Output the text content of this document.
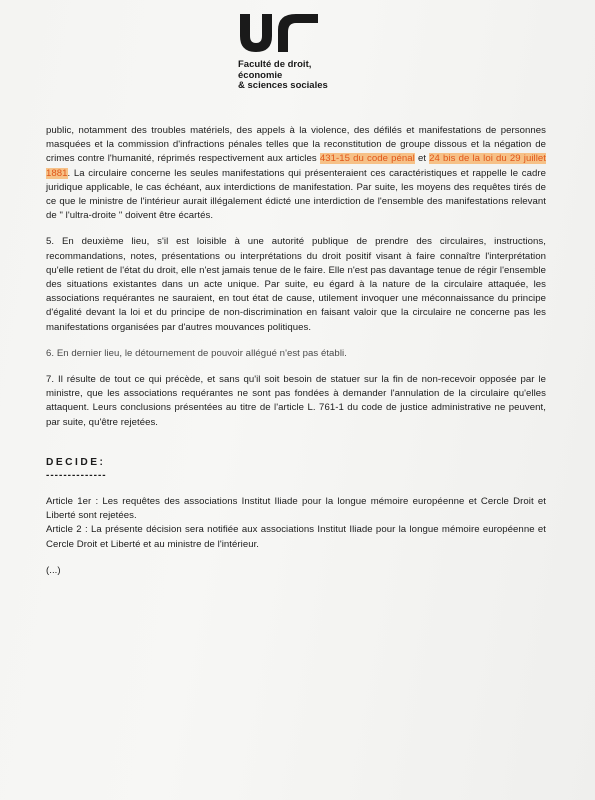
Faculté de droit,
économie
& sciences sociales

public, notamment des troubles matériels, des appels à la violence, des défilés et manifestations de personnes masquées et la commission d'infractions pénales telles que la reconstitution de groupe dissous et la négation de crimes contre l'humanité, réprimés respectivement aux articles 431-15 du code pénal et 24 bis de la loi du 29 juillet 1881. La circulaire concerne les seules manifestations qui présenteraient ces caractéristiques et rappelle le cadre juridique applicable, le cas échéant, aux interdictions de manifestation. Par suite, les moyens des requêtes tirés de ce que le ministre de l'intérieur aurait illégalement édicté une interdiction de l'ensemble des manifestations relevant de " l'ultra-droite " doivent être écartés.

5. En deuxième lieu, s'il est loisible à une autorité publique de prendre des circulaires, instructions, recommandations, notes, présentations ou interprétations du droit positif visant à faire connaître l'interprétation qu'elle retient de l'état du droit, elle n'est jamais tenue de le faire. Elle n'est pas davantage tenue de régir l'ensemble des situations existantes dans un acte unique. Par suite, eu égard à la nature de la circulaire attaquée, les associations requérantes ne sauraient, en tout état de cause, utilement invoquer une méconnaissance du principe d'égalité devant la loi et du principe de non-discrimination en faisant valoir que la circulaire ne concerne pas les manifestations organisées par d'autres mouvances politiques.

6. En dernier lieu, le détournement de pouvoir allégué n'est pas établi.

7. Il résulte de tout ce qui précède, et sans qu'il soit besoin de statuer sur la fin de non-recevoir opposée par le ministre, que les associations requérantes ne sont pas fondées à demander l'annulation de la circulaire qu'elles attaquent. Leurs conclusions présentées au titre de l'article L. 761-1 du code de justice administrative ne peuvent, par suite, qu'être rejetées.

DECIDE:
--------------

Article 1er : Les requêtes des associations Institut Iliade pour la longue mémoire européenne et Cercle Droit et Liberté sont rejetées.

Article 2 : La présente décision sera notifiée aux associations Institut Iliade pour la longue mémoire européenne et Cercle Droit et Liberté et au ministre de l'intérieur.

(...)
